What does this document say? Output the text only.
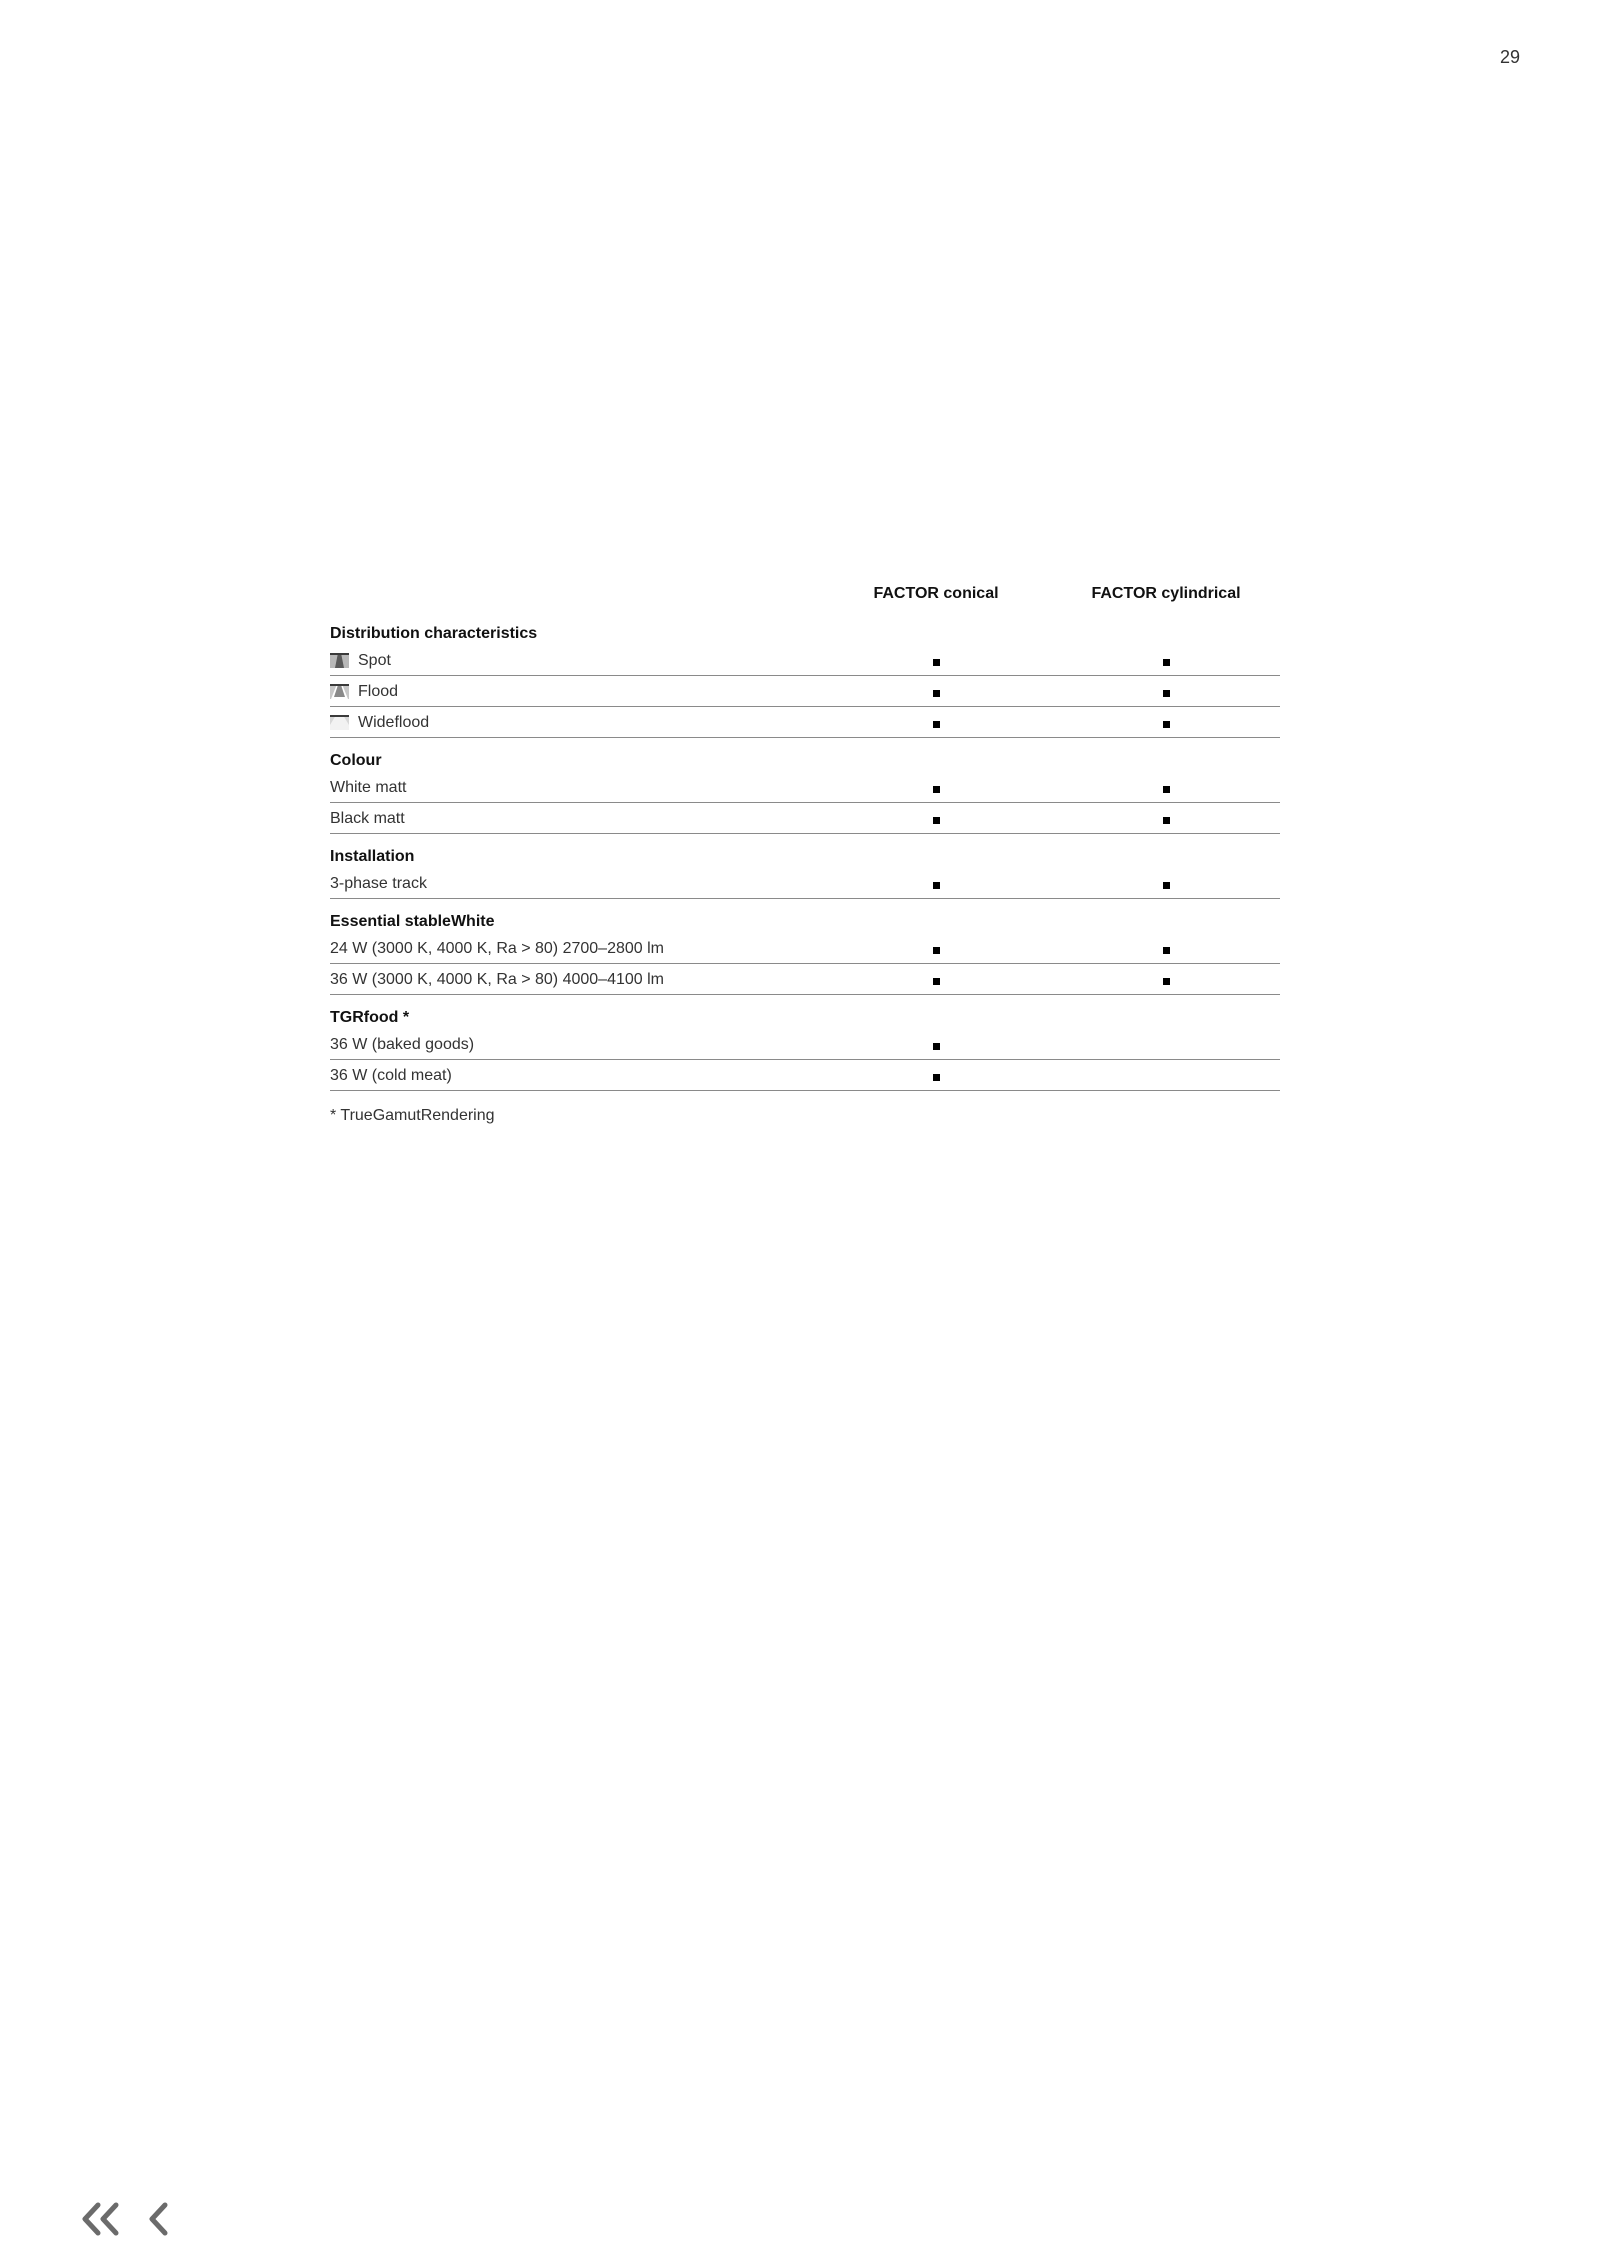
29
FACTOR conical	FACTOR cylindrical
Distribution characteristics
Spot
Flood
Wideflood
Colour
White matt
Black matt
Installation
3-phase track
Essential stableWhite
24 W (3000 K, 4000 K, Ra > 80) 2700–2800 lm
36 W (3000 K, 4000 K, Ra > 80) 4000–4100 lm
TGRfood *
36 W (baked goods)
36 W (cold meat)
* TrueGamutRendering
